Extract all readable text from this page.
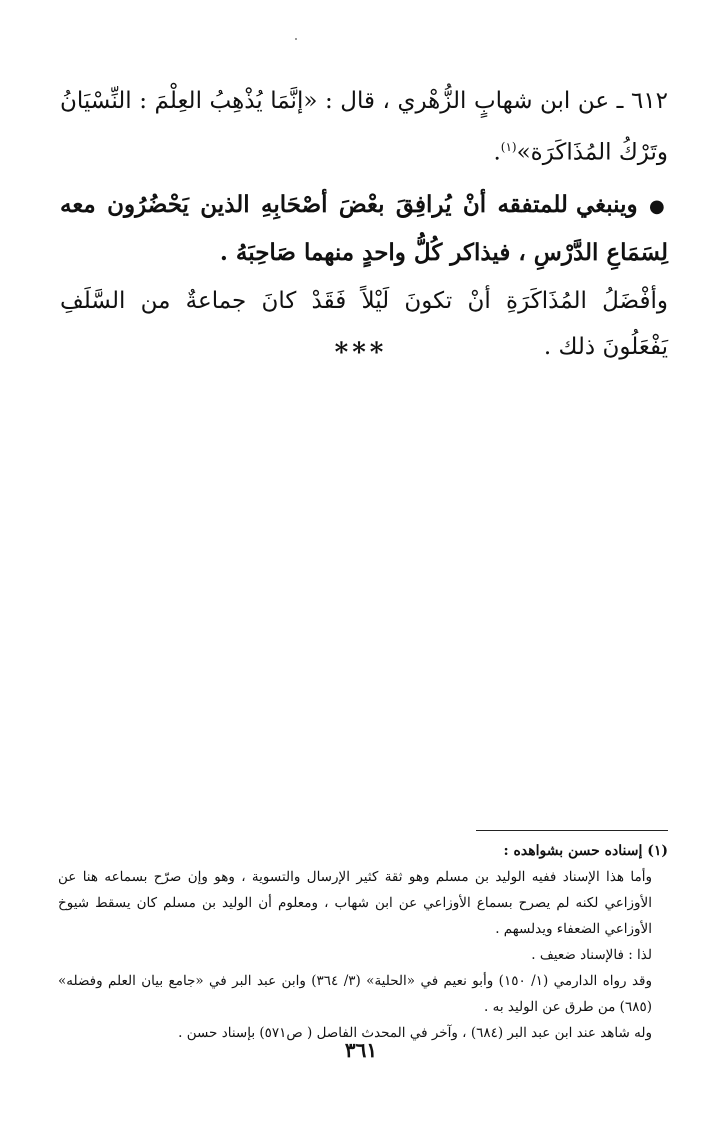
٦١٢ ـ عن ابن شهابٍ الزُّهْري ، قال : «إنَّمَا يُذْهِبُ العِلْمَ : النِّسْيَانُ وتَرْكُ المُذَاكَرَة»$^{(١)}$.

● وينبغي للمتفقه أنْ يُرافِقَ بعْضَ أصْحَابِهِ الذين يَحْضُرُون معه لِسَمَاعِ الدَّرْسِ ، فيذاكر كُلُّ واحدٍ منهما صَاحِبَهُ .

وأفْضَلُ المُذَاكَرَةِ أنْ تكونَ لَيْلاً فَقَدْ كانَ جماعةٌ من السَّلَفِ يَفْعَلُونَ ذلك .

***

(١) إسناده حسن بشواهده :

وأما هذا الإسناد ففيه الوليد بن مسلم وهو ثقة كثير الإرسال والتسوية ، وهو وإن صرّح بسماعه هنا عن الأوزاعي لكنه لم يصرح بسماع الأوزاعي عن ابن شهاب ، ومعلوم أن الوليد بن مسلم كان يسقط شيوخ الأوزاعي الضعفاء ويدلسهم .

لذا : فالإسناد ضعيف .

وقد رواه الدارمي (١/ ١٥٠) وأبو نعيم في «الحلية» (٣/ ٣٦٤) وابن عبد البر في «جامع بيان العلم وفضله» (٦٨٥) من طرق عن الوليد به .

وله شاهد عند ابن عبد البر (٦٨٤) ، وآخر في المحدث الفاصل ( ص٥٧١) بإسناد حسن .

٣٦١
